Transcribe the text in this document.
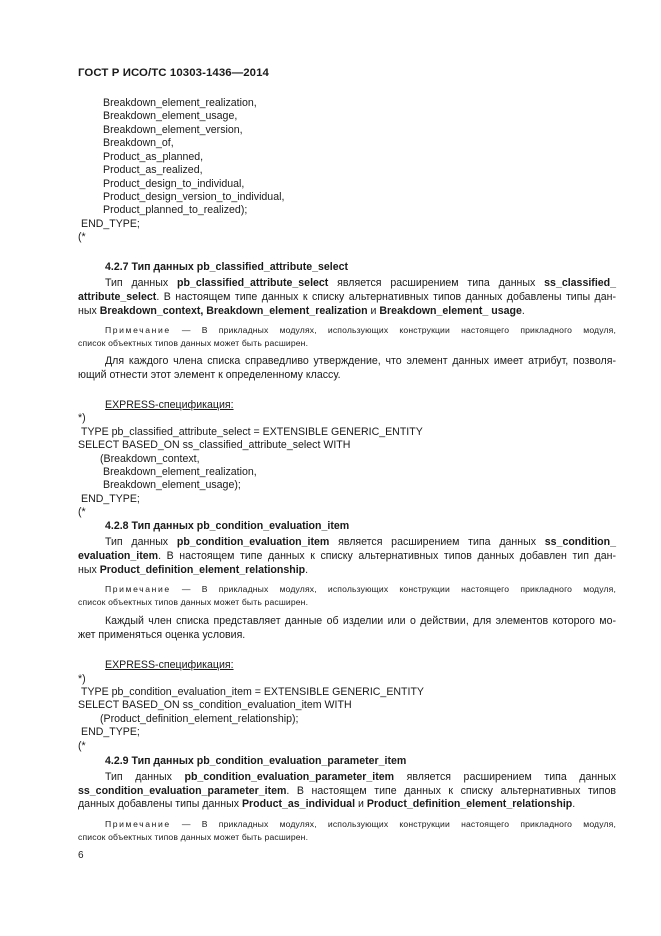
ГОСТ Р ИСО/ТС 10303-1436—2014
Breakdown_element_realization,
Breakdown_element_usage,
Breakdown_element_version,
Breakdown_of,
Product_as_planned,
Product_as_realized,
Product_design_to_individual,
Product_design_version_to_individual,
Product_planned_to_realized);
END_TYPE;
(*
4.2.7 Тип данных pb_classified_attribute_select
Тип данных pb_classified_attribute_select является расширением типа данных ss_classified_
attribute_select. В настоящем типе данных к списку альтернативных типов данных добавлены типы дан-
ных Breakdown_context, Breakdown_element_realization и Breakdown_element_ usage.
Примечание — В прикладных модулях, использующих конструкции настоящего прикладного модуля,
список объектных типов данных может быть расширен.
Для каждого члена списка справедливо утверждение, что элемент данных имеет атрибут, позволя-
ющий отнести этот элемент к определенному классу.
EXPRESS-спецификация:
*)
TYPE pb_classified_attribute_select = EXTENSIBLE GENERIC_ENTITY
SELECT BASED_ON ss_classified_attribute_select WITH
(Breakdown_context,
Breakdown_element_realization,
Breakdown_element_usage);
END_TYPE;
(*
4.2.8 Тип данных pb_condition_evaluation_item
Тип данных pb_condition_evaluation_item является расширением типа данных ss_condition_
evaluation_item. В настоящем типе данных к списку альтернативных типов данных добавлен тип дан-
ных Product_definition_element_relationship.
Примечание — В прикладных модулях, использующих конструкции настоящего прикладного модуля,
список объектных типов данных может быть расширен.
Каждый член списка представляет данные об изделии или о действии, для элементов которого мо-
жет применяться оценка условия.
EXPRESS-спецификация:
*)
TYPE pb_condition_evaluation_item = EXTENSIBLE GENERIC_ENTITY
SELECT BASED_ON ss_condition_evaluation_item WITH
(Product_definition_element_relationship);
END_TYPE;
(*
4.2.9 Тип данных pb_condition_evaluation_parameter_item
Тип данных pb_condition_evaluation_parameter_item является расширением типа данных
ss_condition_evaluation_parameter_item. В настоящем типе данных к списку альтернативных типов
данных добавлены типы данных Product_as_individual и Product_definition_element_relationship.
Примечание — В прикладных модулях, использующих конструкции настоящего прикладного модуля,
список объектных типов данных может быть расширен.
6
